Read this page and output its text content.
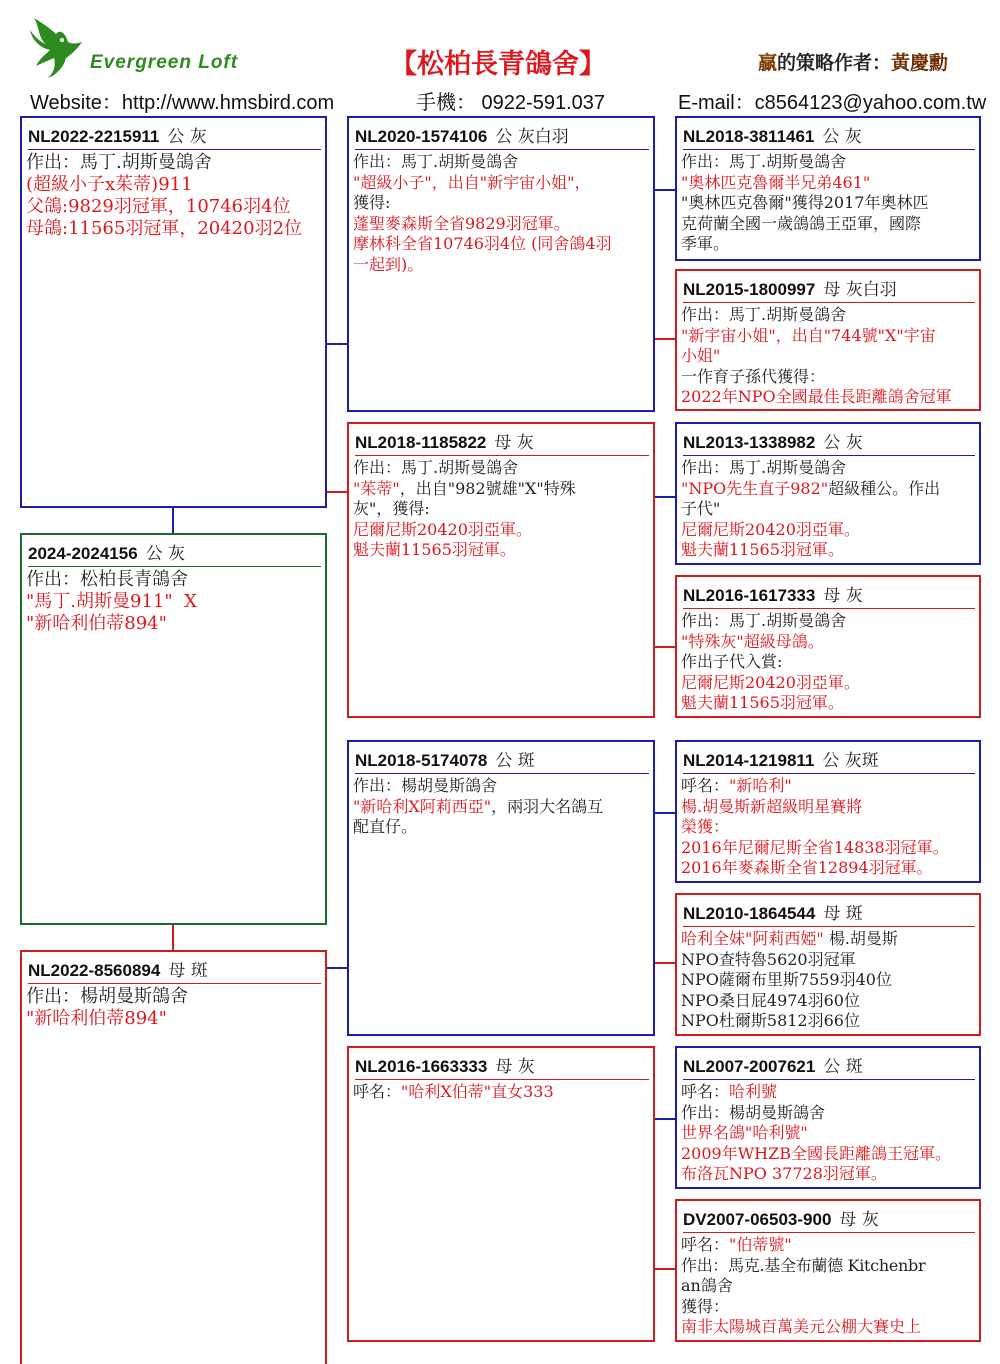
Evergreen Loft	【松柏長青鴿舍】	贏的策略作者：黃慶勳
Website：http://www.hmsbird.com	手機： 0922-591.037	E-mail：c8564123@yahoo.com.tw
NL2022-2215911 公 灰
作出：馬丁.胡斯曼鴿舍
(超級小子x茱蒂)911
父鴿:9829羽冠軍，10746羽4位
母鴿:11565羽冠軍，20420羽2位
2024-2024156 公 灰
作出：松柏長青鴿舍
"馬丁.胡斯曼911"  X
"新哈利伯蒂894"
NL2022-8560894 母 斑
作出：楊胡曼斯鴿舍
"新哈利伯蒂894"
NL2020-1574106 公 灰白羽
作出：馬丁.胡斯曼鴿舍
"超級小子"，出自"新宇宙小姐"，
獲得:
蓬聖麥森斯全省9829羽冠軍。
摩林科全省10746羽4位 (同舍鴿4羽
一起到)。
NL2018-1185822 母 灰
作出：馬丁.胡斯曼鴿舍
"茱蒂"，出自"982號雄"X"特殊
灰"，獲得:
尼爾尼斯20420羽亞軍。
魁夫蘭11565羽冠軍。
NL2018-5174078 公 斑
作出：楊胡曼斯鴿舍
"新哈利X阿莉西亞"，兩羽大名鴿互
配直仔。
NL2016-1663333 母 灰
呼名："哈利X伯蒂"直女333
NL2018-3811461 公 灰
作出：馬丁.胡斯曼鴿舍
"奧林匹克魯爾半兄弟461"
"奧林匹克魯爾"獲得2017年奧林匹
克荷蘭全國一歲鴿鴿王亞軍，國際
季軍。
NL2015-1800997 母 灰白羽
作出：馬丁.胡斯曼鴿舍
"新宇宙小姐"，出自"744號"X"宇宙
小姐"
一作育子孫代獲得：
2022年NPO全國最佳長距離鴿舍冠軍
NL2013-1338982 公 灰
作出：馬丁.胡斯曼鴿舍
"NPO先生直子982"超級種公。作出
子代"
尼爾尼斯20420羽亞軍。
魁夫蘭11565羽冠軍。
NL2016-1617333 母 灰
作出：馬丁.胡斯曼鴿舍
"特殊灰"超級母鴿。
作出子代入賞:
尼爾尼斯20420羽亞軍。
魁夫蘭11565羽冠軍。
NL2014-1219811 公 灰斑
呼名："新哈利"
楊.胡曼斯新超級明星賽將
榮獲：
2016年尼爾尼斯全省14838羽冠軍。
2016年麥森斯全省12894羽冠軍。
NL2010-1864544 母 斑
哈利全妹"阿莉西婭" 楊.胡曼斯
NPO查特魯5620羽冠軍
NPO薩爾布里斯7559羽40位
NPO桑日屁4974羽60位
NPO杜爾斯5812羽66位
NL2007-2007621 公 斑
呼名：哈利號
作出：楊胡曼斯鴿舍
世界名鴿"哈利號"
2009年WHZB全國長距離鴿王冠軍。
布洛瓦NPO 37728羽冠軍。
DV2007-06503-900 母 灰
呼名："伯蒂號"
作出：馬克.基全布蘭德 Kitchenbr
an鴿舍
獲得：
南非太陽城百萬美元公棚大賽史上
